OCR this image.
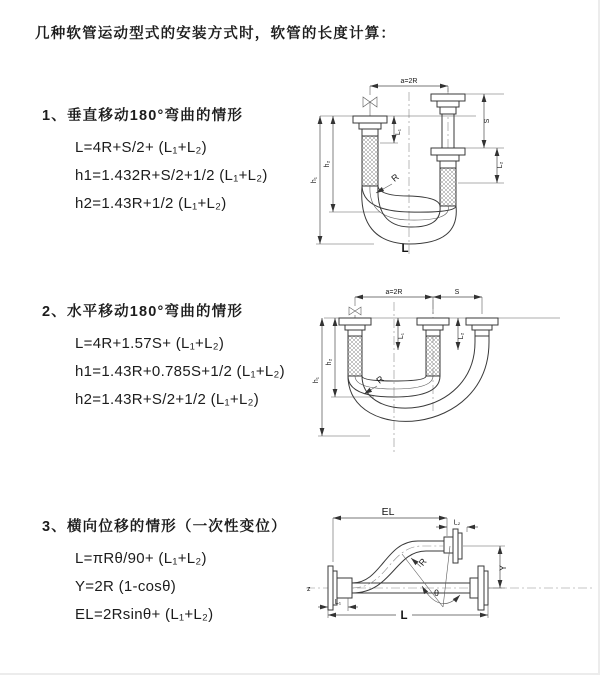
几种软管运动型式的安装方式时，软管的长度计算：
1、垂直移动180°弯曲的情形
L=4R+S/2+ (L₁+L₂)
h1=1.432R+S/2+1/2 (L₁+L₂)
h2=1.43R+1/2 (L₁+L₂)
2、水平移动180°弯曲的情形
L=4R+1.57S+ (L₁+L₂)
h1=1.43R+0.785S+1/2 (L₁+L₂)
h2=1.43R+S/2+1/2 (L₁+L₂)
3、横向位移的情形（一次性变位）
L=πRθ/90+ (L₁+L₂)
Y=2R (1-cosθ)
EL=2Rsinθ+ (L₁+L₂)
a=2R
L₁
S
L₂
h₁
h₂
R
L
a=2R	S
L₁	L₂
h₁
h₂
R
z
EL
L₂
Y
θ
R
L₁
L
